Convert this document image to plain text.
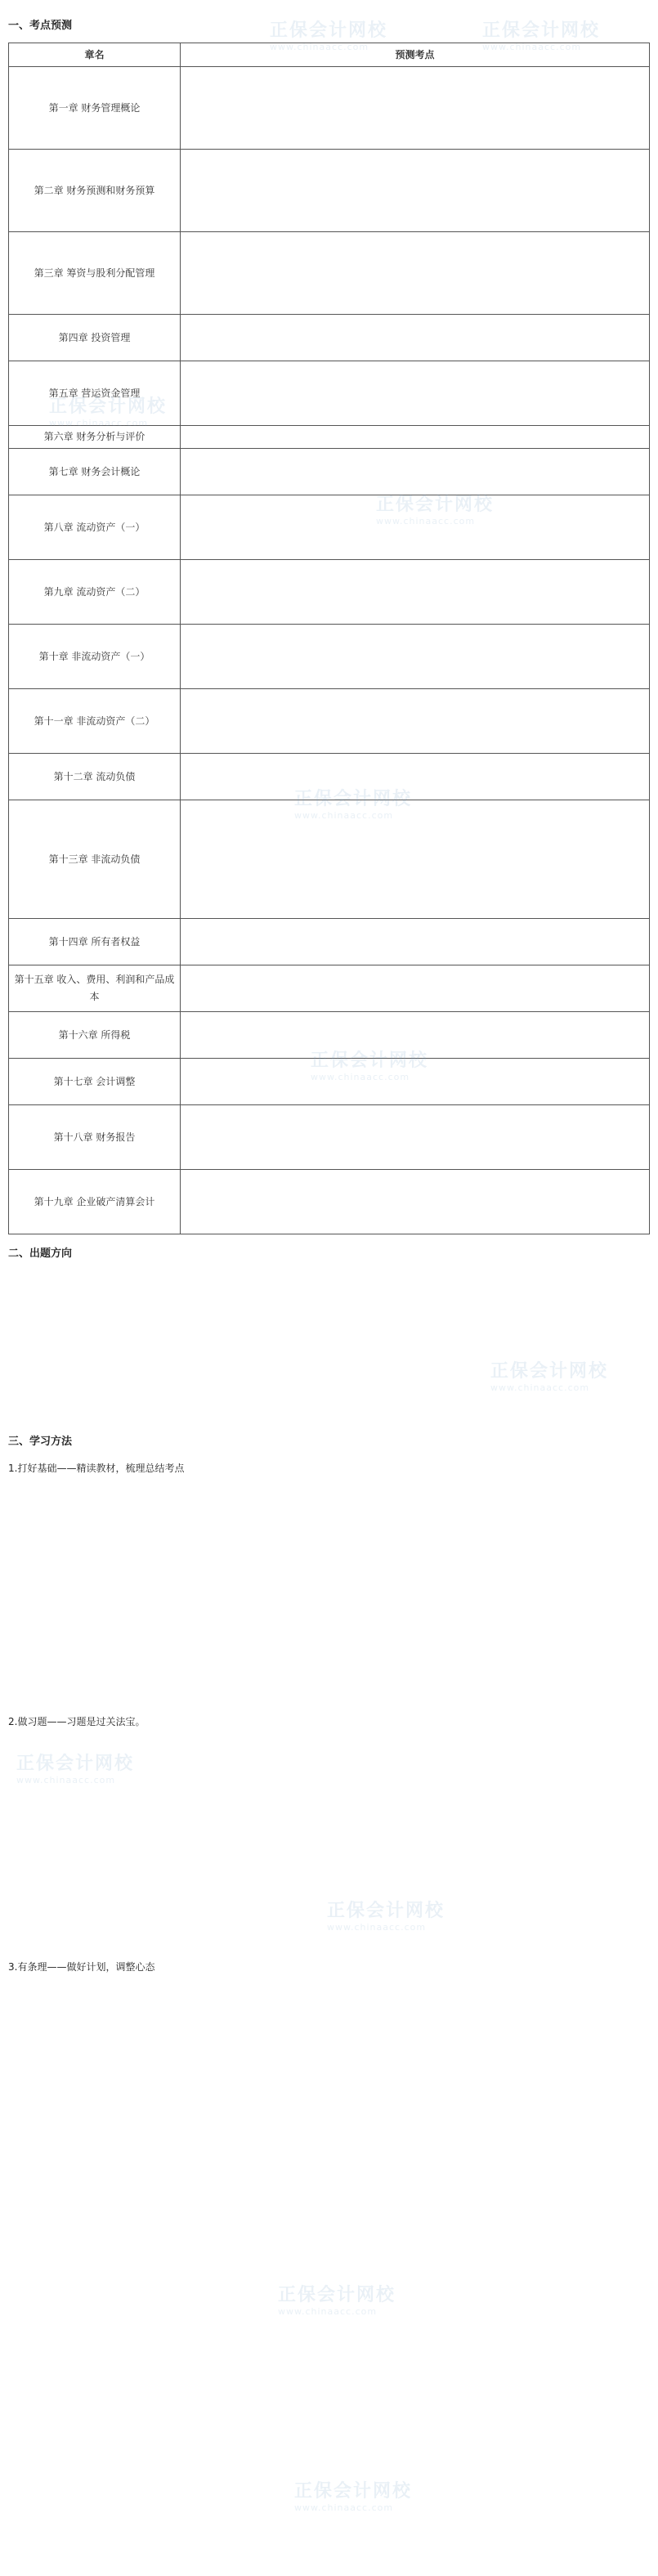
正保会计网校
www.chinaacc.com
正保会计网校
www.chinaacc.com
正保会计网校
www.chinaacc.com
正保会计网校
www.chinaacc.com
正保会计网校
www.chinaacc.com
正保会计网校
www.chinaacc.com
正保会计网校
www.chinaacc.com
正保会计网校
www.chinaacc.com
正保会计网校
www.chinaacc.com
正保会计网校
www.chinaacc.com
正保会计网校
www.chinaacc.com

一、考点预测

章名	预测考点
第一章 财务管理概论	
第二章 财务预测和财务预算	
第三章 筹资与股利分配管理	
第四章 投资管理	
第五章 营运资金管理	
第六章 财务分析与评价	
第七章 财务会计概论	
第八章 流动资产（一）	
第九章 流动资产（二）	
第十章 非流动资产（一）	
第十一章 非流动资产（二）	
第十二章 流动负债	
第十三章 非流动负债	
第十四章 所有者权益	
第十五章 收入、费用、利润和产品成本	
第十六章 所得税	
第十七章 会计调整	
第十八章 财务报告	
第十九章 企业破产清算会计	
二、出题方向

三、学习方法
1.打好基础——精读教材，梳理总结考点

2.做习题——习题是过关法宝。

3.有条理——做好计划，调整心态
